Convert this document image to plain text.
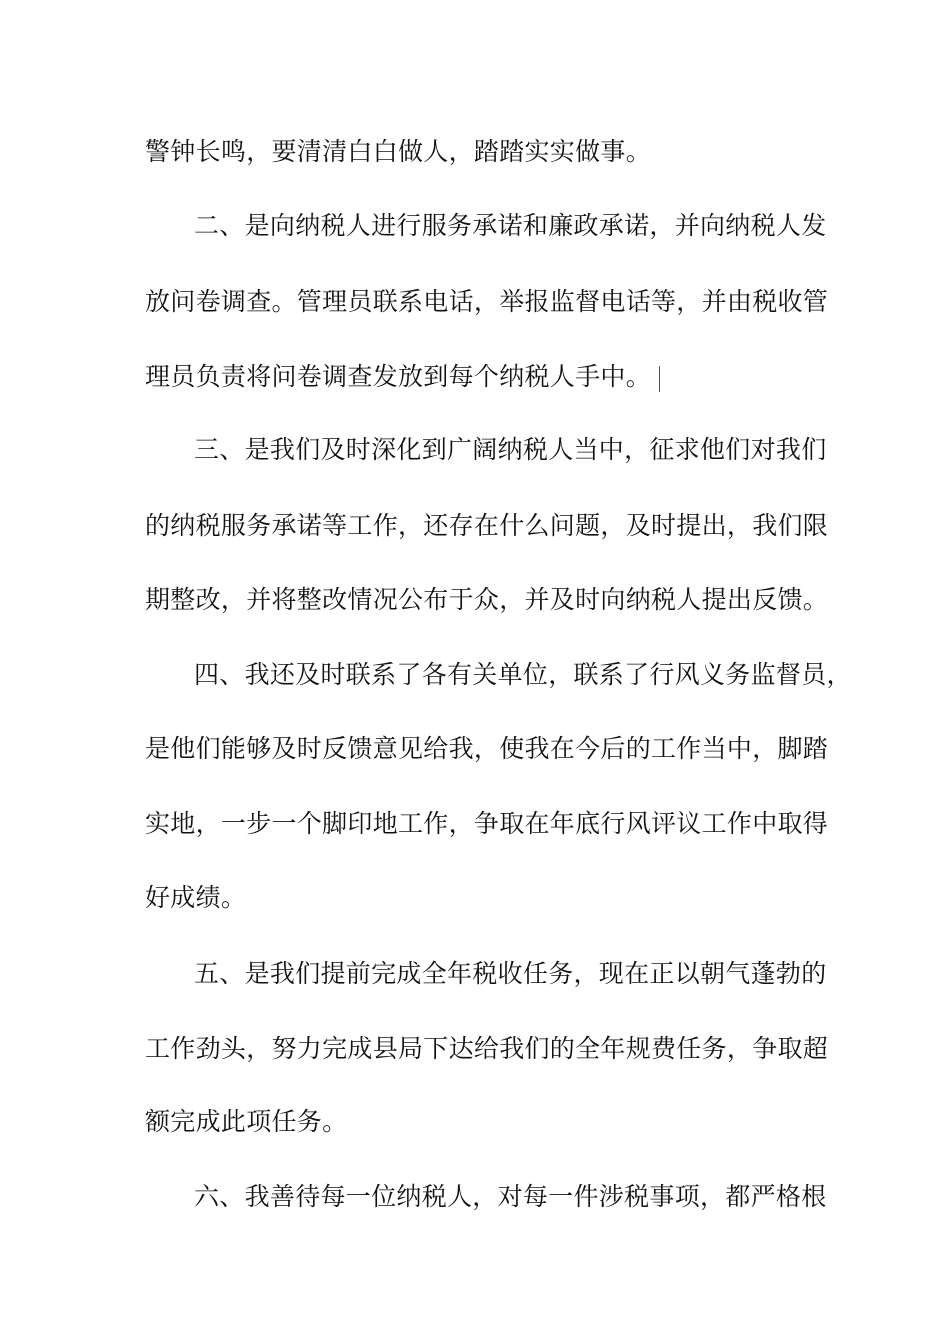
警钟长鸣，要清清白白做人，踏踏实实做事。
二、是向纳税人进行服务承诺和廉政承诺，并向纳税人发
放问卷调查。管理员联系电话，举报监督电话等，并由税收管
理员负责将问卷调查发放到每个纳税人手中。
三、是我们及时深化到广阔纳税人当中，征求他们对我们
的纳税服务承诺等工作，还存在什么问题，及时提出，我们限
期整改，并将整改情况公布于众，并及时向纳税人提出反馈。
四、我还及时联系了各有关单位，联系了行风义务监督员，
是他们能够及时反馈意见给我，使我在今后的工作当中，脚踏
实地，一步一个脚印地工作，争取在年底行风评议工作中取得
好成绩。
五、是我们提前完成全年税收任务，现在正以朝气蓬勃的
工作劲头，努力完成县局下达给我们的全年规费任务，争取超
额完成此项任务。
六、我善待每一位纳税人，对每一件涉税事项，都严格根
